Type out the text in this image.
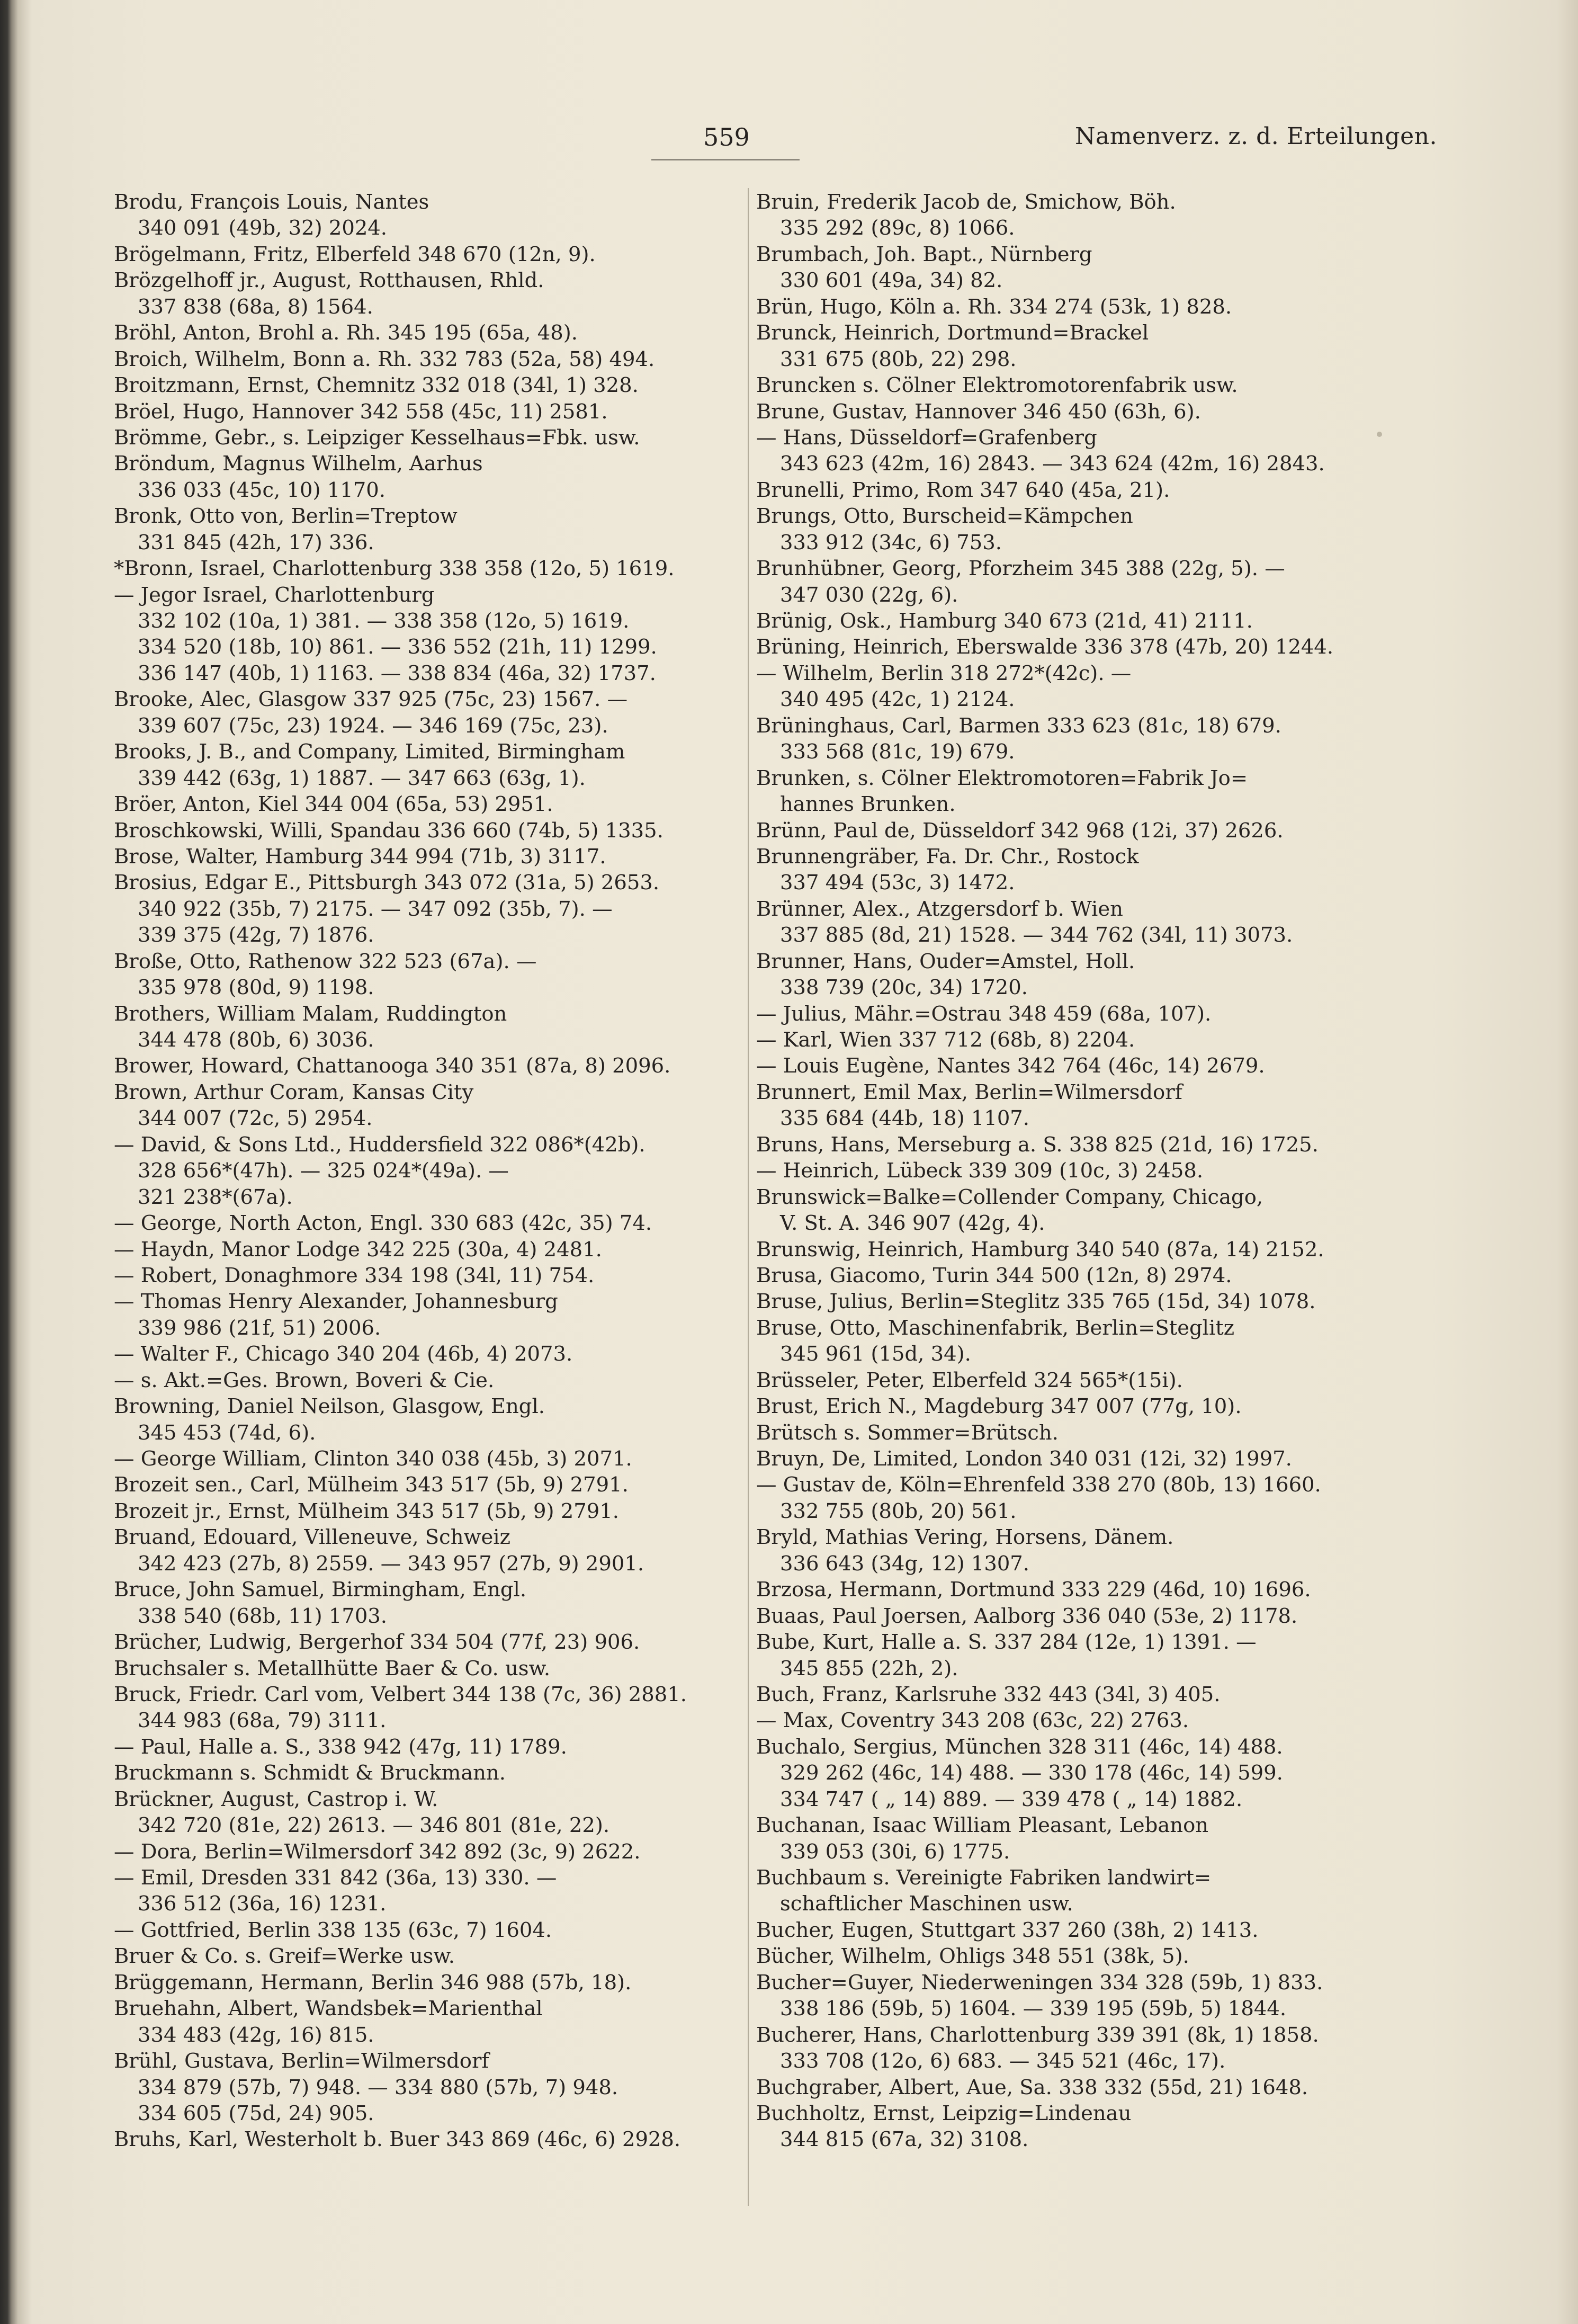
559	Namenverz. z. d. Erteilungen.
Brodu, François Louis, Nantes
340 091 (49b, 32) 2024.
Brögelmann, Fritz, Elberfeld 348 670 (12n, 9).
Brözgelhoff jr., August, Rotthausen, Rhld.
337 838 (68a, 8) 1564.
Bröhl, Anton, Brohl a. Rh. 345 195 (65a, 48).
Broich, Wilhelm, Bonn a. Rh. 332 783 (52a, 58) 494.
Broitzmann, Ernst, Chemnitz 332 018 (34l, 1) 328.
Bröel, Hugo, Hannover 342 558 (45c, 11) 2581.
Brömme, Gebr., s. Leipziger Kesselhaus=Fbk. usw.
Bröndum, Magnus Wilhelm, Aarhus
336 033 (45c, 10) 1170.
Bronk, Otto von, Berlin=Treptow
331 845 (42h, 17) 336.
*Bronn, Israel, Charlottenburg 338 358 (12o, 5) 1619.
— Jegor Israel, Charlottenburg
332 102 (10a, 1) 381. — 338 358 (12o, 5) 1619.
334 520 (18b, 10) 861. — 336 552 (21h, 11) 1299.
336 147 (40b, 1) 1163. — 338 834 (46a, 32) 1737.
Brooke, Alec, Glasgow 337 925 (75c, 23) 1567. —
339 607 (75c, 23) 1924. — 346 169 (75c, 23).
Brooks, J. B., and Company, Limited, Birmingham
339 442 (63g, 1) 1887. — 347 663 (63g, 1).
Bröer, Anton, Kiel 344 004 (65a, 53) 2951.
Broschkowski, Willi, Spandau 336 660 (74b, 5) 1335.
Brose, Walter, Hamburg 344 994 (71b, 3) 3117.
Brosius, Edgar E., Pittsburgh 343 072 (31a, 5) 2653.
340 922 (35b, 7) 2175. — 347 092 (35b, 7). —
339 375 (42g, 7) 1876.
Broße, Otto, Rathenow 322 523 (67a). —
335 978 (80d, 9) 1198.
Brothers, William Malam, Ruddington
344 478 (80b, 6) 3036.
Brower, Howard, Chattanooga 340 351 (87a, 8) 2096.
Brown, Arthur Coram, Kansas City
344 007 (72c, 5) 2954.
— David, & Sons Ltd., Huddersfield 322 086*(42b).
328 656*(47h). — 325 024*(49a). —
321 238*(67a).
— George, North Acton, Engl. 330 683 (42c, 35) 74.
— Haydn, Manor Lodge 342 225 (30a, 4) 2481.
— Robert, Donaghmore 334 198 (34l, 11) 754.
— Thomas Henry Alexander, Johannesburg
339 986 (21f, 51) 2006.
— Walter F., Chicago 340 204 (46b, 4) 2073.
— s. Akt.=Ges. Brown, Boveri & Cie.
Browning, Daniel Neilson, Glasgow, Engl.
345 453 (74d, 6).
— George William, Clinton 340 038 (45b, 3) 2071.
Brozeit sen., Carl, Mülheim 343 517 (5b, 9) 2791.
Brozeit jr., Ernst, Mülheim 343 517 (5b, 9) 2791.
Bruand, Edouard, Villeneuve, Schweiz
342 423 (27b, 8) 2559. — 343 957 (27b, 9) 2901.
Bruce, John Samuel, Birmingham, Engl.
338 540 (68b, 11) 1703.
Brücher, Ludwig, Bergerhof 334 504 (77f, 23) 906.
Bruchsaler s. Metallhütte Baer & Co. usw.
Bruck, Friedr. Carl vom, Velbert 344 138 (7c, 36) 2881.
344 983 (68a, 79) 3111.
— Paul, Halle a. S., 338 942 (47g, 11) 1789.
Bruckmann s. Schmidt & Bruckmann.
Brückner, August, Castrop i. W.
342 720 (81e, 22) 2613. — 346 801 (81e, 22).
— Dora, Berlin=Wilmersdorf 342 892 (3c, 9) 2622.
— Emil, Dresden 331 842 (36a, 13) 330. —
336 512 (36a, 16) 1231.
— Gottfried, Berlin 338 135 (63c, 7) 1604.
Bruer & Co. s. Greif=Werke usw.
Brüggemann, Hermann, Berlin 346 988 (57b, 18).
Bruehahn, Albert, Wandsbek=Marienthal
334 483 (42g, 16) 815.
Brühl, Gustava, Berlin=Wilmersdorf
334 879 (57b, 7) 948. — 334 880 (57b, 7) 948.
334 605 (75d, 24) 905.
Bruhs, Karl, Westerholt b. Buer 343 869 (46c, 6) 2928.
Bruin, Frederik Jacob de, Smichow, Böh.
335 292 (89c, 8) 1066.
Brumbach, Joh. Bapt., Nürnberg
330 601 (49a, 34) 82.
Brün, Hugo, Köln a. Rh. 334 274 (53k, 1) 828.
Brunck, Heinrich, Dortmund=Brackel
331 675 (80b, 22) 298.
Bruncken s. Cölner Elektromotorenfabrik usw.
Brune, Gustav, Hannover 346 450 (63h, 6).
— Hans, Düsseldorf=Grafenberg
343 623 (42m, 16) 2843. — 343 624 (42m, 16) 2843.
Brunelli, Primo, Rom 347 640 (45a, 21).
Brungs, Otto, Burscheid=Kämpchen
333 912 (34c, 6) 753.
Brunhübner, Georg, Pforzheim 345 388 (22g, 5). —
347 030 (22g, 6).
Brünig, Osk., Hamburg 340 673 (21d, 41) 2111.
Brüning, Heinrich, Eberswalde 336 378 (47b, 20) 1244.
— Wilhelm, Berlin 318 272*(42c). —
340 495 (42c, 1) 2124.
Brüninghaus, Carl, Barmen 333 623 (81c, 18) 679.
333 568 (81c, 19) 679.
Brunken, s. Cölner Elektromotoren=Fabrik Jo=
hannes Brunken.
Brünn, Paul de, Düsseldorf 342 968 (12i, 37) 2626.
Brunnengräber, Fa. Dr. Chr., Rostock
337 494 (53c, 3) 1472.
Brünner, Alex., Atzgersdorf b. Wien
337 885 (8d, 21) 1528. — 344 762 (34l, 11) 3073.
Brunner, Hans, Ouder=Amstel, Holl.
338 739 (20c, 34) 1720.
— Julius, Mähr.=Ostrau 348 459 (68a, 107).
— Karl, Wien 337 712 (68b, 8) 2204.
— Louis Eugène, Nantes 342 764 (46c, 14) 2679.
Brunnert, Emil Max, Berlin=Wilmersdorf
335 684 (44b, 18) 1107.
Bruns, Hans, Merseburg a. S. 338 825 (21d, 16) 1725.
— Heinrich, Lübeck 339 309 (10c, 3) 2458.
Brunswick=Balke=Collender Company, Chicago,
V. St. A. 346 907 (42g, 4).
Brunswig, Heinrich, Hamburg 340 540 (87a, 14) 2152.
Brusa, Giacomo, Turin 344 500 (12n, 8) 2974.
Bruse, Julius, Berlin=Steglitz 335 765 (15d, 34) 1078.
Bruse, Otto, Maschinenfabrik, Berlin=Steglitz
345 961 (15d, 34).
Brüsseler, Peter, Elberfeld 324 565*(15i).
Brust, Erich N., Magdeburg 347 007 (77g, 10).
Brütsch s. Sommer=Brütsch.
Bruyn, De, Limited, London 340 031 (12i, 32) 1997.
— Gustav de, Köln=Ehrenfeld 338 270 (80b, 13) 1660.
332 755 (80b, 20) 561.
Bryld, Mathias Vering, Horsens, Dänem.
336 643 (34g, 12) 1307.
Brzosa, Hermann, Dortmund 333 229 (46d, 10) 1696.
Buaas, Paul Joersen, Aalborg 336 040 (53e, 2) 1178.
Bube, Kurt, Halle a. S. 337 284 (12e, 1) 1391. —
345 855 (22h, 2).
Buch, Franz, Karlsruhe 332 443 (34l, 3) 405.
— Max, Coventry 343 208 (63c, 22) 2763.
Buchalo, Sergius, München 328 311 (46c, 14) 488.
329 262 (46c, 14) 488. — 330 178 (46c, 14) 599.
334 747 ( „ 14) 889. — 339 478 ( „ 14) 1882.
Buchanan, Isaac William Pleasant, Lebanon
339 053 (30i, 6) 1775.
Buchbaum s. Vereinigte Fabriken landwirt=
schaftlicher Maschinen usw.
Bucher, Eugen, Stuttgart 337 260 (38h, 2) 1413.
Bücher, Wilhelm, Ohligs 348 551 (38k, 5).
Bucher=Guyer, Niederweningen 334 328 (59b, 1) 833.
338 186 (59b, 5) 1604. — 339 195 (59b, 5) 1844.
Bucherer, Hans, Charlottenburg 339 391 (8k, 1) 1858.
333 708 (12o, 6) 683. — 345 521 (46c, 17).
Buchgraber, Albert, Aue, Sa. 338 332 (55d, 21) 1648.
Buchholtz, Ernst, Leipzig=Lindenau
344 815 (67a, 32) 3108.
